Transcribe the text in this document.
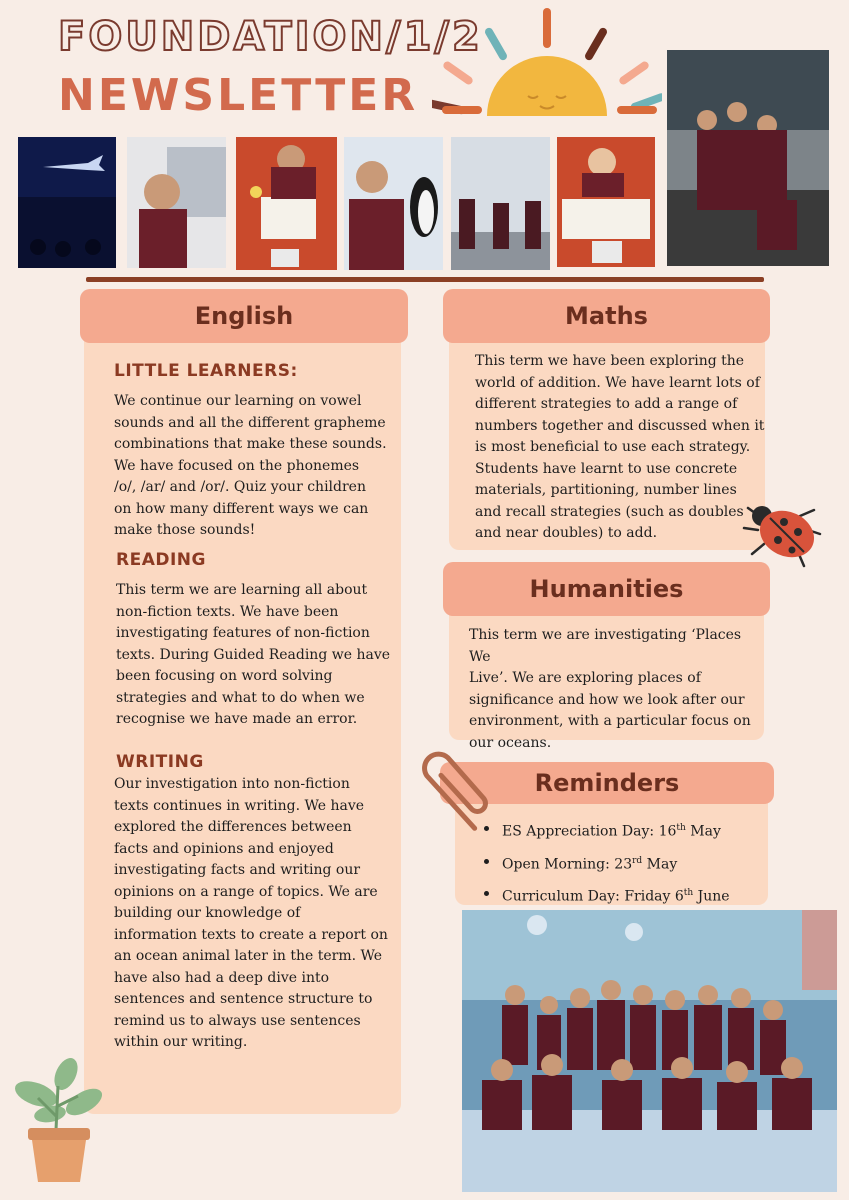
FOUNDATION/1/2
NEWSLETTER
English
LITTLE LEARNERS:
We continue our learning on vowel
sounds and all the different grapheme
combinations that make these sounds.
We have focused on the phonemes
/o/, /ar/ and /or/. Quiz your children
on how many different ways we can
make those sounds!
READING
This term we are learning all about
non-fiction texts. We have been
investigating features of non-fiction
texts. During Guided Reading we have
been focusing on word solving
strategies and what to do when we
recognise we have made an error.
WRITING
Our investigation into non-fiction
texts continues in writing. We have
explored the differences between
facts and opinions and enjoyed
investigating facts and writing our
opinions on a range of topics. We are
building our knowledge of
information texts to create a report on
an ocean animal later in the term. We
have also had a deep dive into
sentences and sentence structure to
remind us to always use sentences
within our writing.
Maths
This term we have been exploring the
world of addition. We have learnt lots of
different strategies to add a range of
numbers together and discussed when it
is most beneficial to use each strategy.
Students have learnt to use concrete
materials, partitioning, number lines
and recall strategies (such as doubles
and near doubles) to add.
Humanities
This term we are investigating ‘Places We
Live’. We are exploring places of
significance and how we look after our
environment, with a particular focus on
our oceans.
Reminders
ES Appreciation Day: 16th May
Open Morning: 23rd May
Curriculum Day: Friday 6th June
